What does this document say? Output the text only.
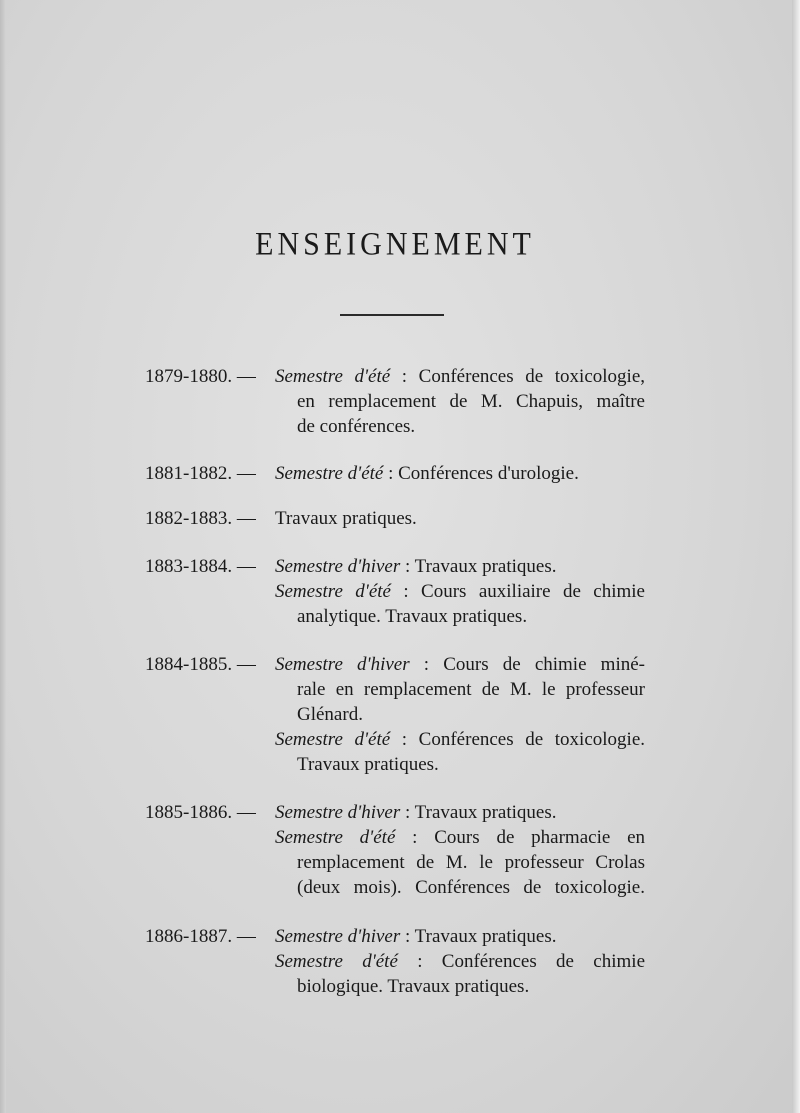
ENSEIGNEMENT
1879-1880. — Semestre d'été : Conférences de toxicologie,
en remplacement de M. Chapuis, maître
de conférences.
1881-1882. — Semestre d'été : Conférences d'urologie.
1882-1883. — Travaux pratiques.
1883-1884. — Semestre d'hiver : Travaux pratiques.
Semestre d'été : Cours auxiliaire de chimie
analytique. Travaux pratiques.
1884-1885. — Semestre d'hiver : Cours de chimie miné-
rale en remplacement de M. le professeur
Glénard.
Semestre d'été : Conférences de toxicologie.
Travaux pratiques.
1885-1886. — Semestre d'hiver : Travaux pratiques.
Semestre d'été : Cours de pharmacie en
remplacement de M. le professeur Crolas
(deux mois). Conférences de toxicologie.
1886-1887. — Semestre d'hiver : Travaux pratiques.
Semestre d'été : Conférences de chimie
biologique. Travaux pratiques.
